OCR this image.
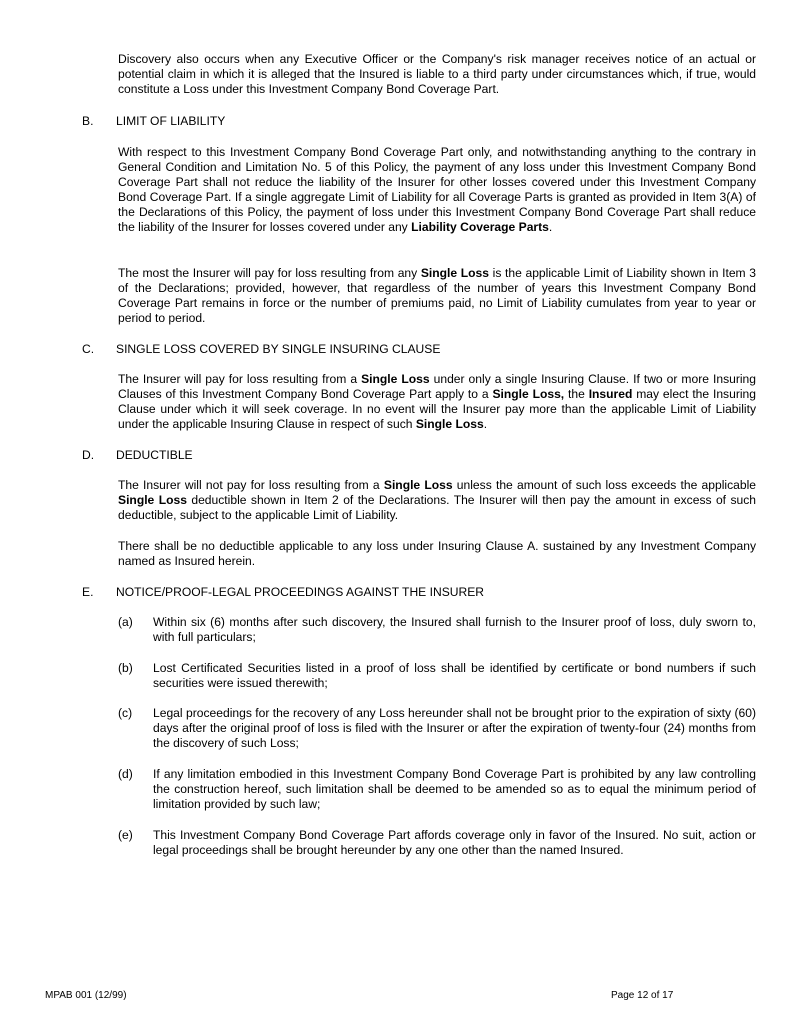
Discovery also occurs when any Executive Officer or the Company's risk manager receives notice of an actual or potential claim in which it is alleged that the Insured is liable to a third party under circumstances which, if true, would constitute a Loss under this Investment Company Bond Coverage Part.

B. LIMIT OF LIABILITY

With respect to this Investment Company Bond Coverage Part only, and notwithstanding anything to the contrary in General Condition and Limitation No. 5 of this Policy, the payment of any loss under this Investment Company Bond Coverage Part shall not reduce the liability of the Insurer for other losses covered under this Investment Company Bond Coverage Part. If a single aggregate Limit of Liability for all Coverage Parts is granted as provided in Item 3(A) of the Declarations of this Policy, the payment of loss under this Investment Company Bond Coverage Part shall reduce the liability of the Insurer for losses covered under any Liability Coverage Parts.

The most the Insurer will pay for loss resulting from any Single Loss is the applicable Limit of Liability shown in Item 3 of the Declarations; provided, however, that regardless of the number of years this Investment Company Bond Coverage Part remains in force or the number of premiums paid, no Limit of Liability cumulates from year to year or period to period.

C. SINGLE LOSS COVERED BY SINGLE INSURING CLAUSE

The Insurer will pay for loss resulting from a Single Loss under only a single Insuring Clause. If two or more Insuring Clauses of this Investment Company Bond Coverage Part apply to a Single Loss, the Insured may elect the Insuring Clause under which it will seek coverage. In no event will the Insurer pay more than the applicable Limit of Liability under the applicable Insuring Clause in respect of such Single Loss.

D. DEDUCTIBLE

The Insurer will not pay for loss resulting from a Single Loss unless the amount of such loss exceeds the applicable Single Loss deductible shown in Item 2 of the Declarations. The Insurer will then pay the amount in excess of such deductible, subject to the applicable Limit of Liability.

There shall be no deductible applicable to any loss under Insuring Clause A. sustained by any Investment Company named as Insured herein.

E. NOTICE/PROOF-LEGAL PROCEEDINGS AGAINST THE INSURER
(a) Within six (6) months after such discovery, the Insured shall furnish to the Insurer proof of loss, duly sworn to, with full particulars;
(b) Lost Certificated Securities listed in a proof of loss shall be identified by certificate or bond numbers if such securities were issued therewith;
(c) Legal proceedings for the recovery of any Loss hereunder shall not be brought prior to the expiration of sixty (60) days after the original proof of loss is filed with the Insurer or after the expiration of twenty-four (24) months from the discovery of such Loss;
(d) If any limitation embodied in this Investment Company Bond Coverage Part is prohibited by any law controlling the construction hereof, such limitation shall be deemed to be amended so as to equal the minimum period of limitation provided by such law;
(e) This Investment Company Bond Coverage Part affords coverage only in favor of the Insured. No suit, action or legal proceedings shall be brought hereunder by any one other than the named Insured.
MPAB 001 (12/99)	Page 12 of 17
